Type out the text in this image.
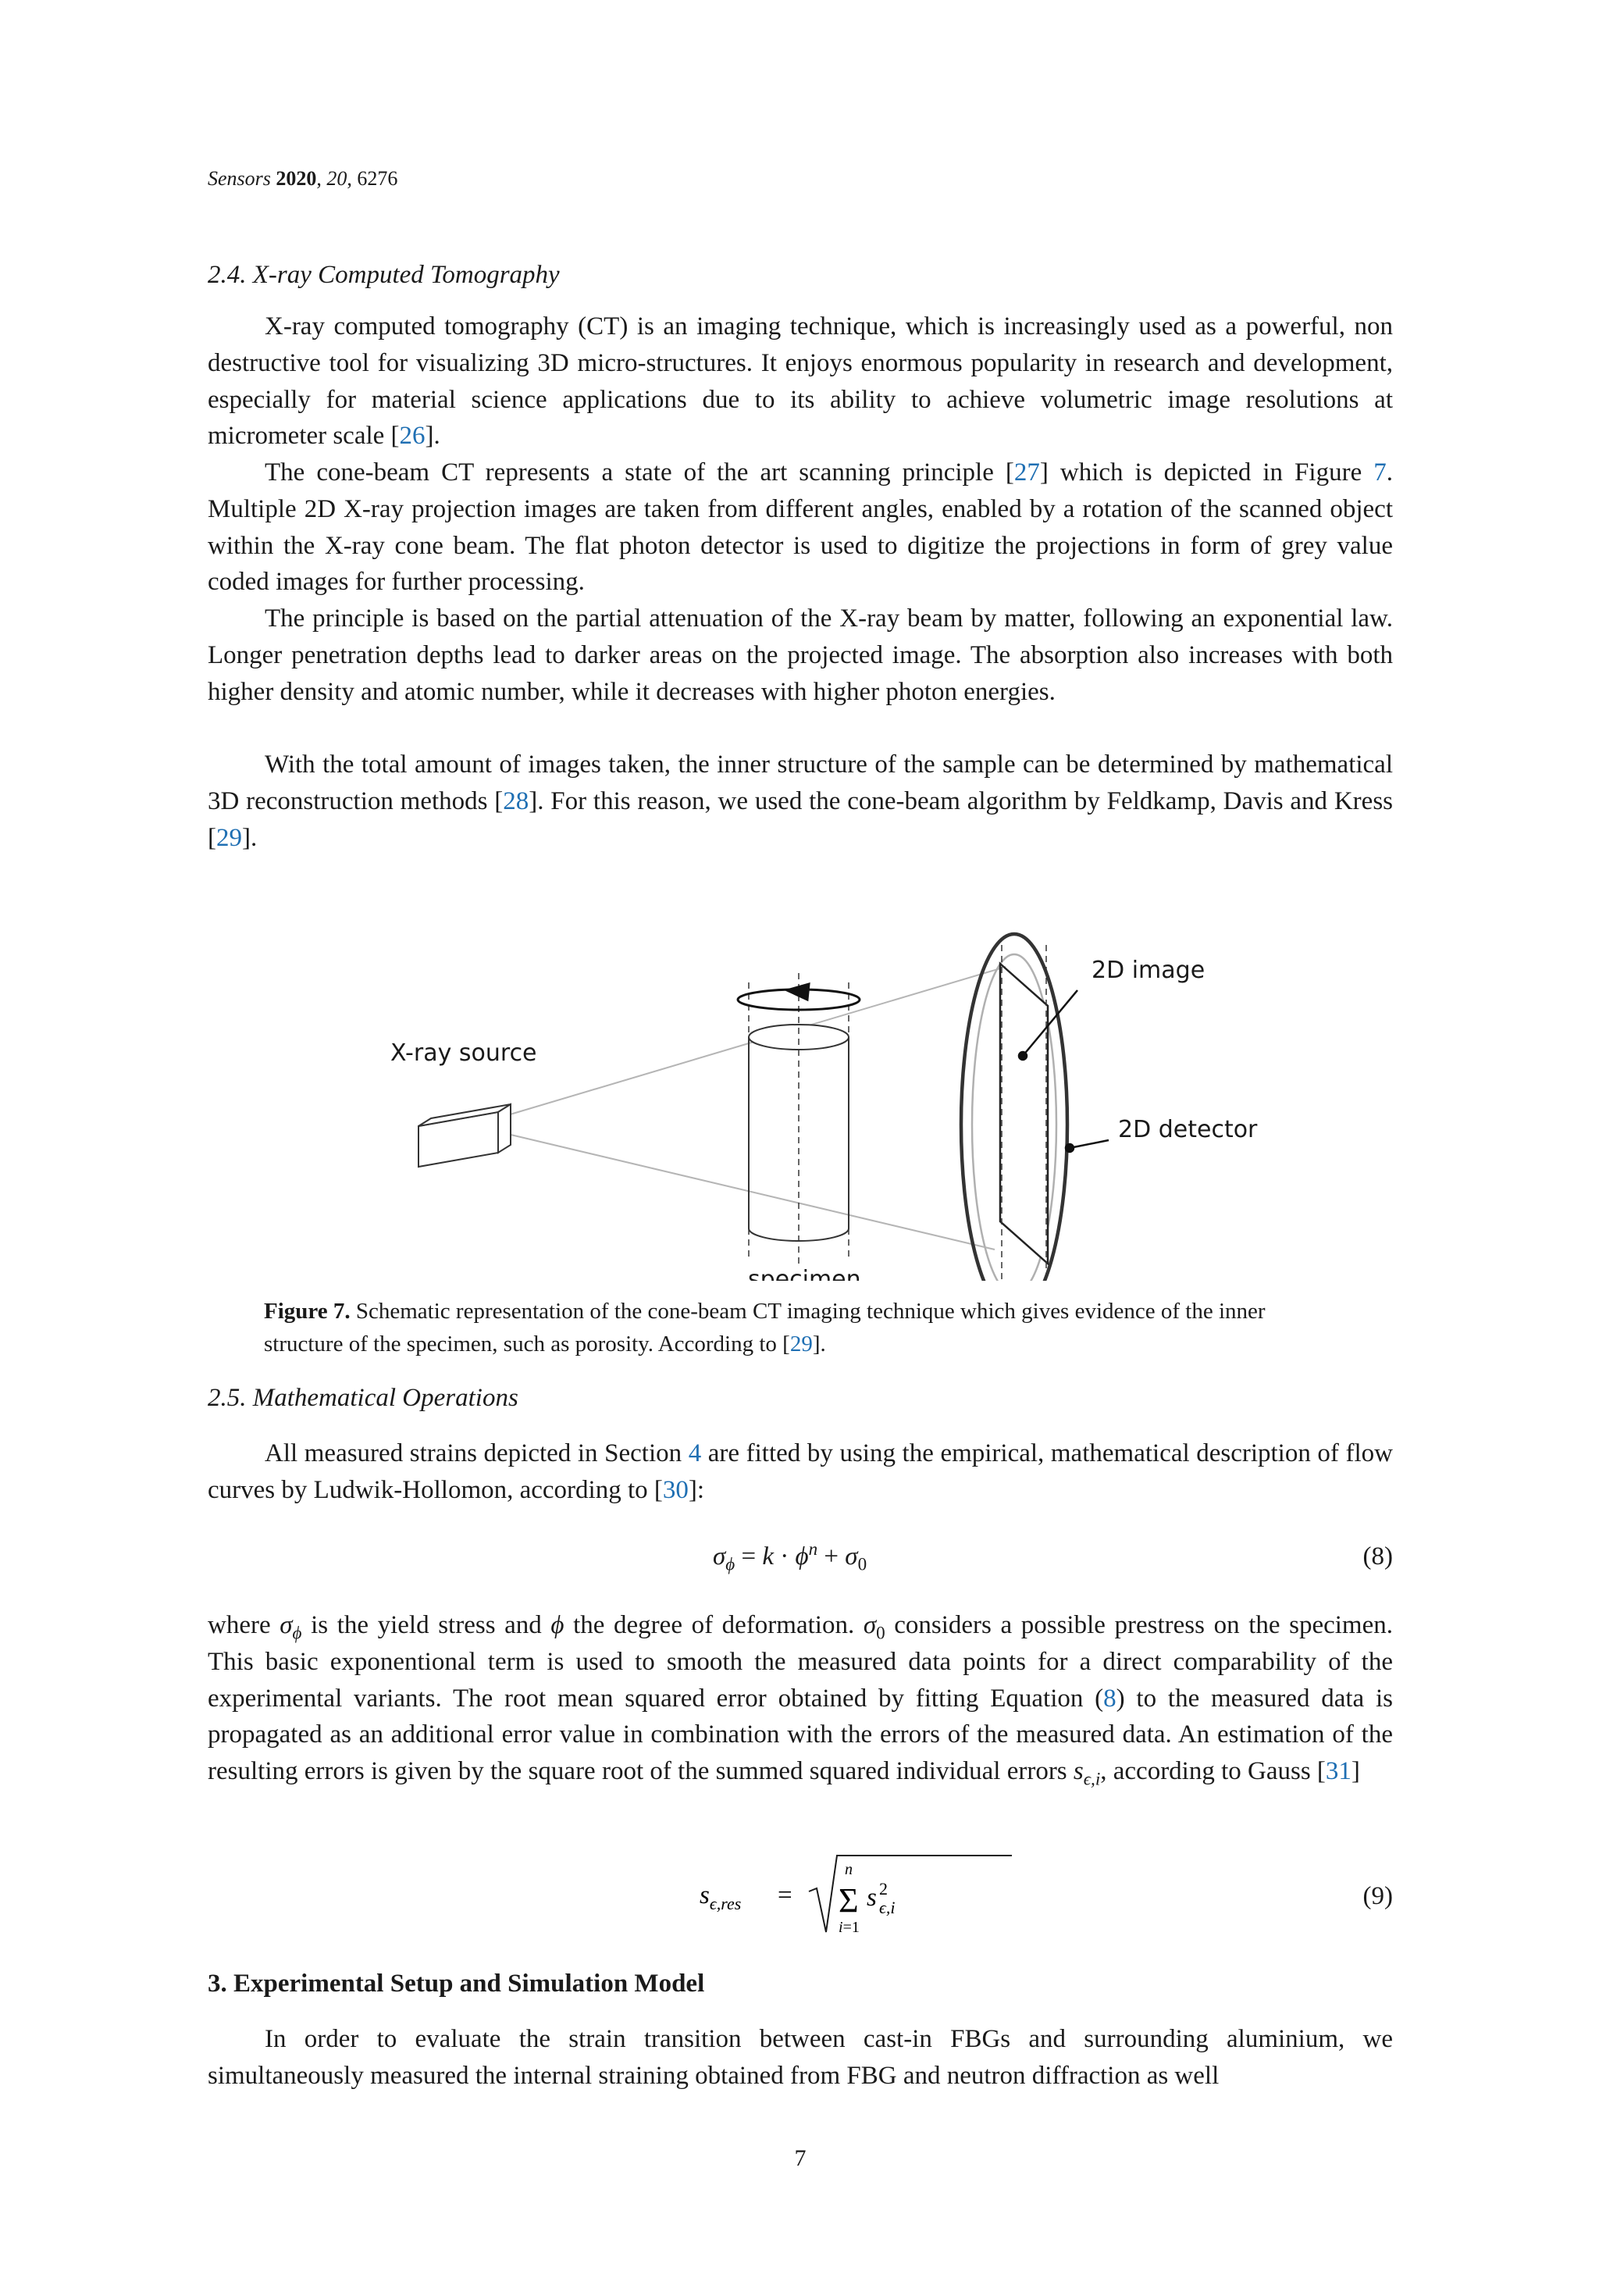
Sensors 2020, 20, 6276
2.4. X-ray Computed Tomography

X-ray computed tomography (CT) is an imaging technique, which is increasingly used as a powerful, non destructive tool for visualizing 3D micro-structures. It enjoys enormous popularity in research and development, especially for material science applications due to its ability to achieve volumetric image resolutions at micrometer scale [26].

The cone-beam CT represents a state of the art scanning principle [27] which is depicted in Figure 7. Multiple 2D X-ray projection images are taken from different angles, enabled by a rotation of the scanned object within the X-ray cone beam. The flat photon detector is used to digitize the projections in form of grey value coded images for further processing.

The principle is based on the partial attenuation of the X-ray beam by matter, following an exponential law. Longer penetration depths lead to darker areas on the projected image. The absorption also increases with both higher density and atomic number, while it decreases with higher photon energies.

With the total amount of images taken, the inner structure of the sample can be determined by mathematical 3D reconstruction methods [28]. For this reason, we used the cone-beam algorithm by Feldkamp, Davis and Kress [29].

X-ray source
specimen
2D image
2D detector
Figure 7. Schematic representation of the cone-beam CT imaging technique which gives evidence of the inner structure of the specimen, such as porosity. According to [29].
2.5. Mathematical Operations

All measured strains depicted in Section 4 are fitted by using the empirical, mathematical description of flow curves by Ludwik-Hollomon, according to [30]:

$\sigma_\phi = k \cdot \phi^n + \sigma_0$	(8)

where $\sigma_\phi$ is the yield stress and ϕ the degree of deformation. $\sigma_0$ considers a possible prestress on the specimen. This basic exponentional term is used to smooth the measured data points for a direct comparability of the experimental variants. The root mean squared error obtained by fitting Equation (8) to the measured data is propagated as an additional error value in combination with the errors of the measured data. An estimation of the resulting errors is given by the square root of the summed squared individual errors $s_{\epsilon,i}$, according to Gauss [31]

$s_{\epsilon,res}$ =
n
Σ
i=1
s 2
ϵ,i	(9)
3. Experimental Setup and Simulation Model

In order to evaluate the strain transition between cast-in FBGs and surrounding aluminium, we simultaneously measured the internal straining obtained from FBG and neutron diffraction as well

7
